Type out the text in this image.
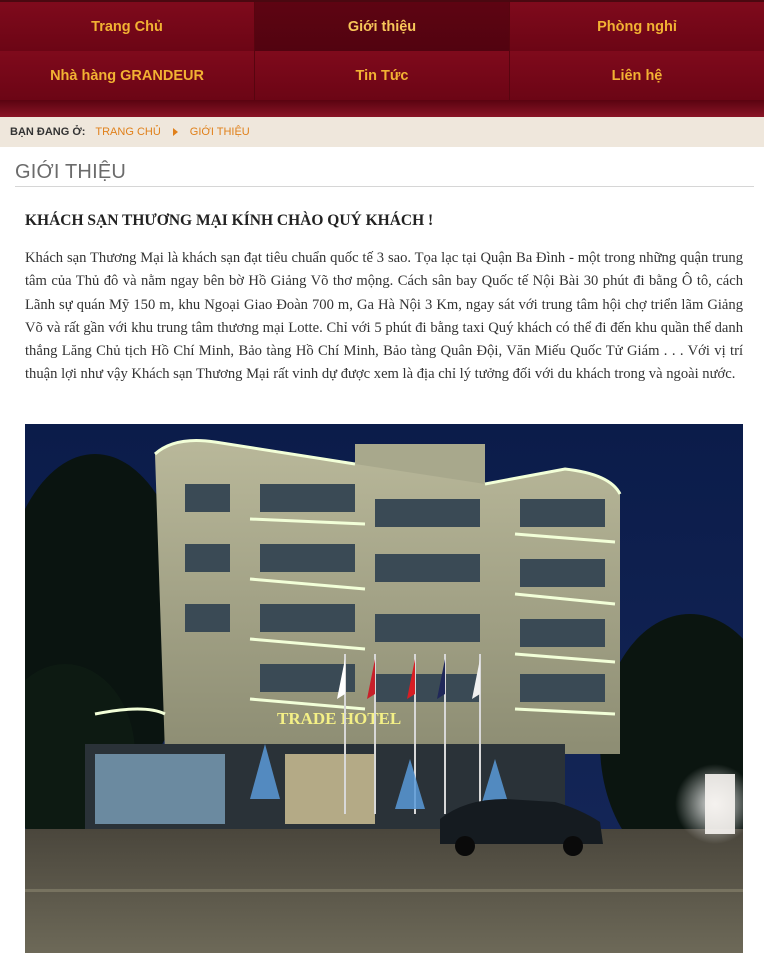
Trang Chủ	Giới thiệu	Phòng nghỉ
Nhà hàng GRANDEUR	Tin Tức	Liên hệ
BẠN ĐANG Ở: TRANG CHỦ	GIỚI THIỆU
GIỚI THIỆU

KHÁCH SẠN THƯƠNG MẠI KÍNH CHÀO QUÝ KHÁCH !

Khách sạn Thương Mại là khách sạn đạt tiêu chuẩn quốc tế 3 sao. Tọa lạc tại Quận Ba Đình - một trong những quận trung tâm của Thủ đô và nằm ngay bên bờ Hồ Giảng Võ thơ mộng. Cách sân bay Quốc tế Nội Bài 30 phút đi bằng Ô tô, cách Lãnh sự quán Mỹ 150 m, khu Ngoại Giao Đoàn 700 m, Ga Hà Nội 3 Km, ngay sát với trung tâm hội chợ triển lãm Giảng Võ và rất gần với khu trung tâm thương mại Lotte. Chỉ với 5 phút đi bằng taxi Quý khách có thể đi đến khu quần thể danh thắng Lăng Chủ tịch Hồ Chí Minh, Bảo tàng Hồ Chí Minh, Bảo tàng Quân Đội, Văn Miếu Quốc Tử Giám . . . Với vị trí thuận lợi như vậy Khách sạn Thương Mại rất vinh dự được xem là địa chỉ lý tưởng đối với du khách trong và ngoài nước.

TRADE HOTEL
